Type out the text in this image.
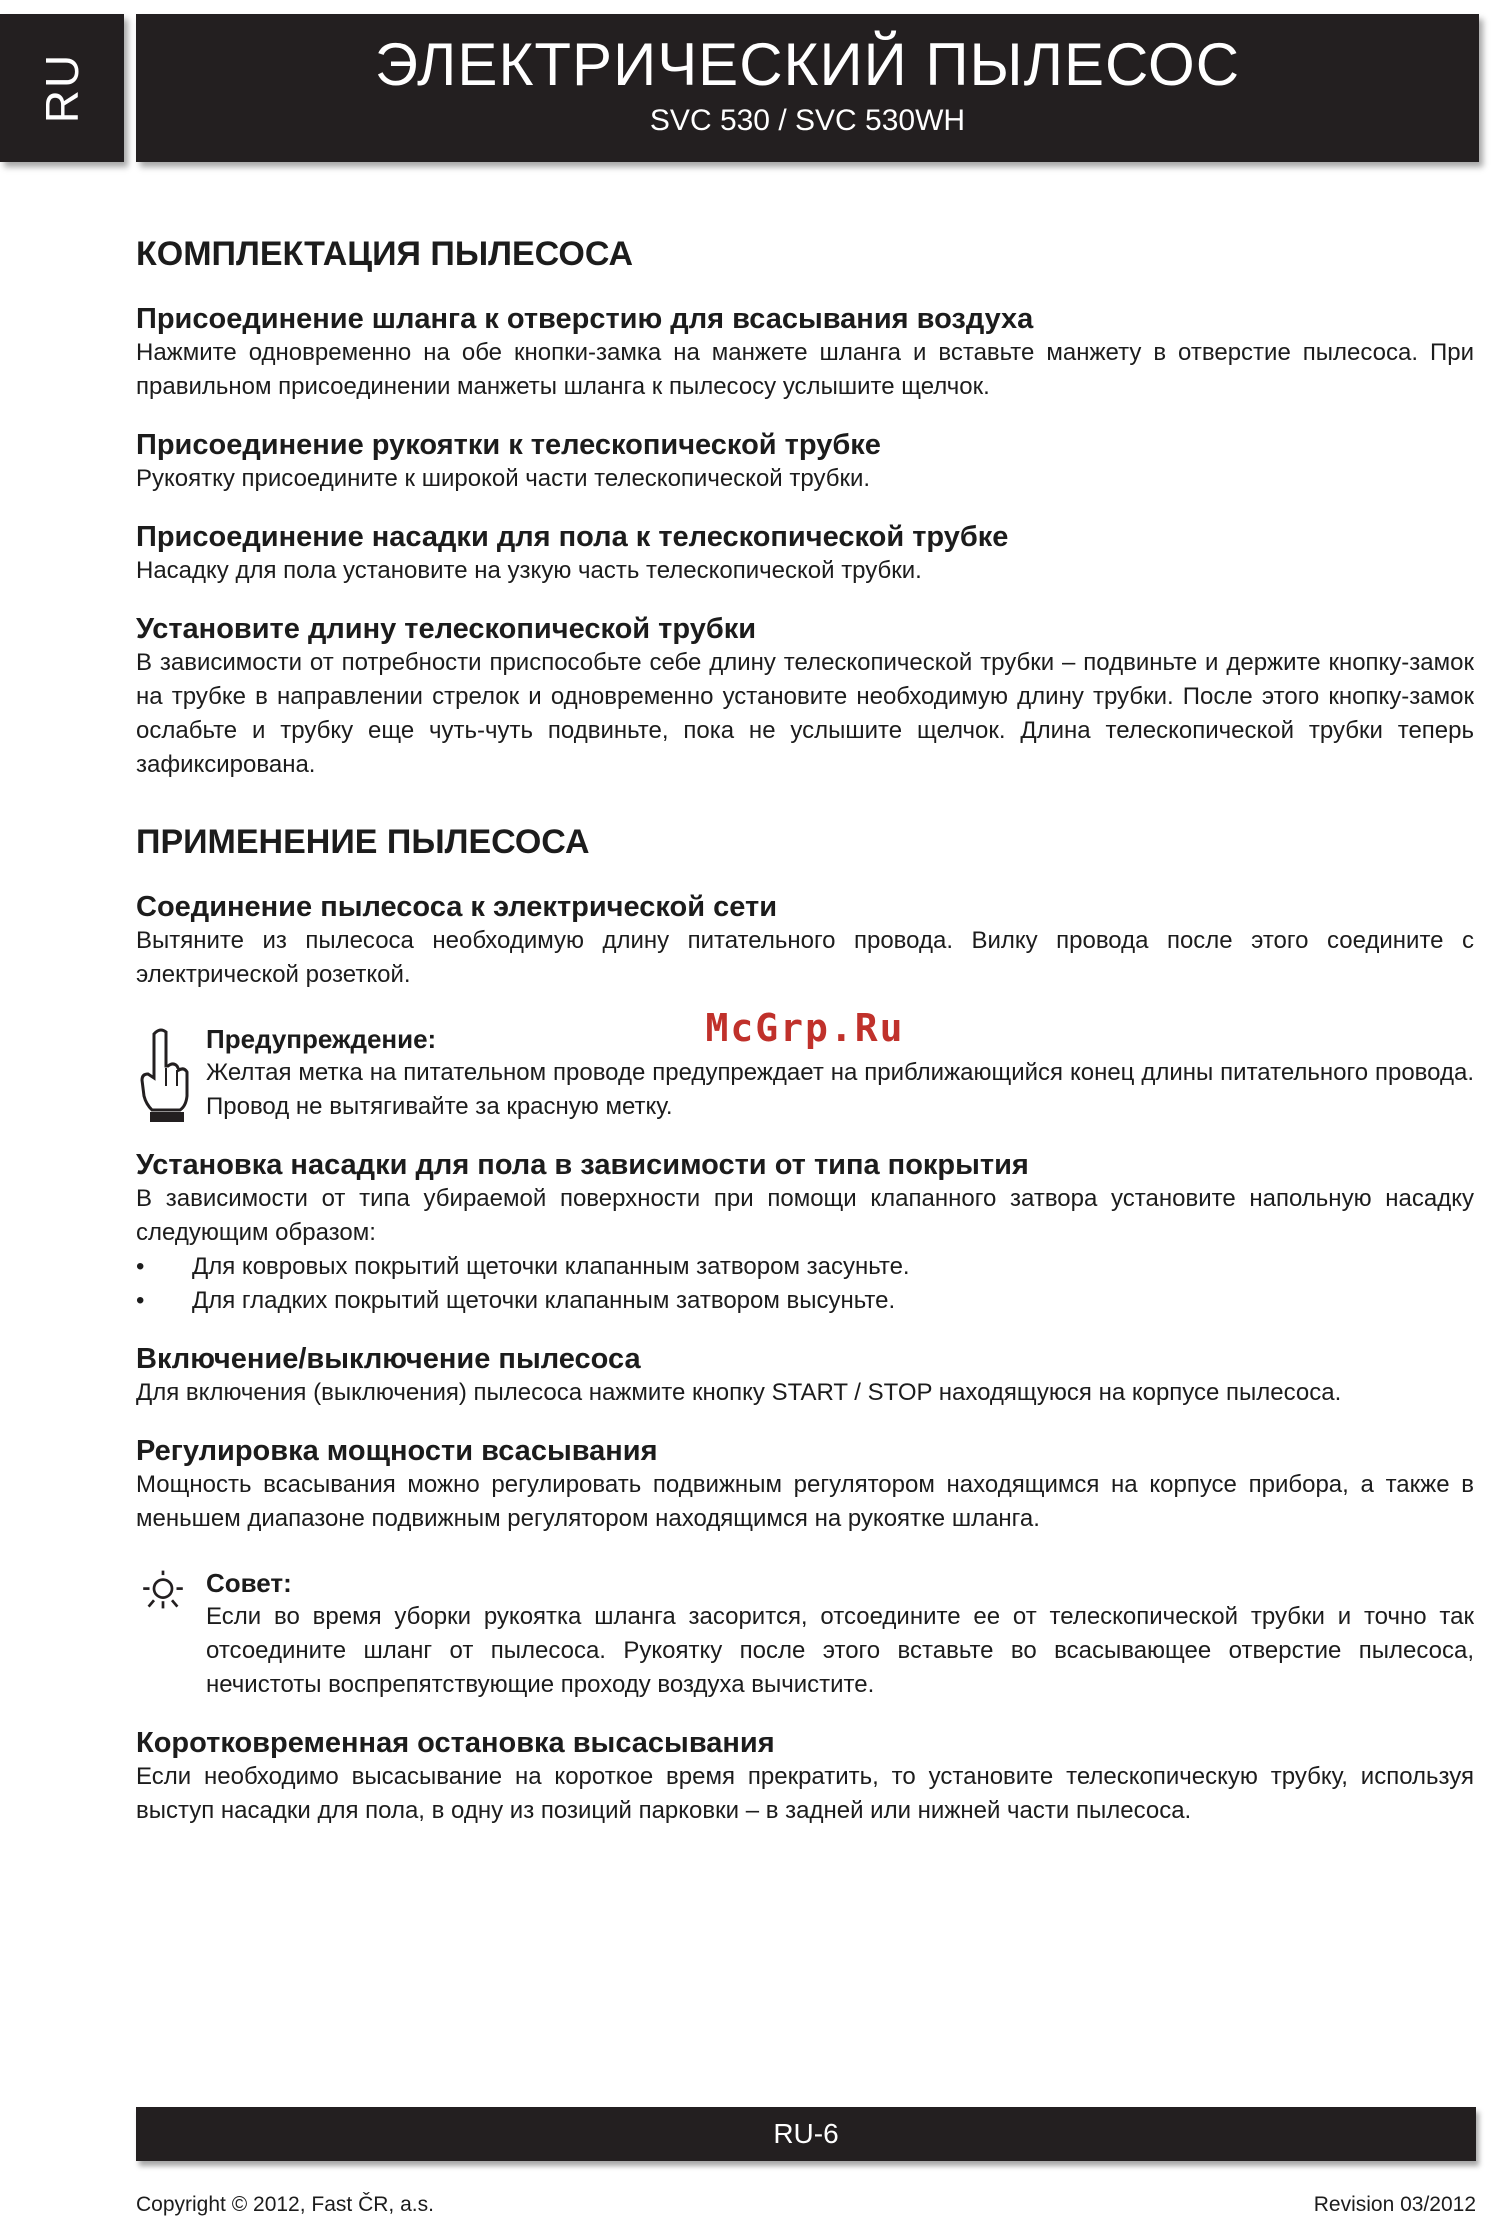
RU	ЭЛЕКТРИЧЕСКИЙ ПЫЛЕСОС
SVC 530 / SVC 530WH
КОМПЛЕКТАЦИЯ ПЫЛЕСОСА
Присоединение шланга к отверстию для всасывания воздуха

Нажмите одновременно на обе кнопки-замка на манжете шланга и вставьте манжету в отверстие пылесоса. При правильном присоединении манжеты шланга к пылесосу услышите щелчок.

Присоединение рукоятки к телескопической трубке

Рукоятку присоедините к широкой части телескопической трубки.

Присоединение насадки для пола к телескопической трубке

Насадку для пола установите на узкую часть телескопической трубки.

Установите длину телескопической трубки

В зависимости от потребности приспособьте себе длину телескопической трубки – подвиньте и держите кнопку-замок на трубке в направлении стрелок и одновременно установите необходимую длину трубки. После этого кнопку-замок ослабьте и трубку еще чуть-чуть подвиньте, пока не услышите щелчок. Длина телескопической трубки теперь зафиксирована.

ПРИМЕНЕНИЕ ПЫЛЕСОСА
Соединение пылесоса к электрической сети

Вытяните из пылесоса необходимую длину питательного провода. Вилку провода после этого соедините с электрической розеткой.

McGrp.Ru
Предупреждение:

Желтая метка на питательном проводе предупреждает на приближающийся конец длины питательного провода. Провод не вытягивайте за красную метку.

Установка насадки для пола в зависимости от типа покрытия

В зависимости от типа убираемой поверхности при помощи клапанного затвора установите напольную насадку следующим образом:

• Для ковровых покрытий щеточки клапанным затвором засуньте.
• Для гладких покрытий щеточки клапанным затвором высуньте.
Включение/выключение пылесоса

Для включения (выключения) пылесоса нажмите кнопку START / STOP находящуюся на корпусе пылесоса.

Регулировка мощности всасывания

Мощность всасывания можно регулировать подвижным регулятором находящимся на корпусе прибора, а также в меньшем диапазоне подвижным регулятором находящимся на рукоятке шланга.

Совет:

Если во время уборки рукоятка шланга засорится, отсоедините ее от телескопической трубки и точно так отсоедините шланг от пылесоса. Рукоятку после этого вставьте во всасывающее отверстие пылесоса, нечистоты воспрепятствующие проходу воздуха вычистите.

Коротковременная остановка высасывания

Если необходимо высасывание на короткое время прекратить, то установите телескопическую трубку, используя выступ насадки для пола, в одну из позиций парковки – в задней или нижней части пылесоса.

RU-6
Copyright © 2012, Fast ČR, a.s.	Revision 03/2012
